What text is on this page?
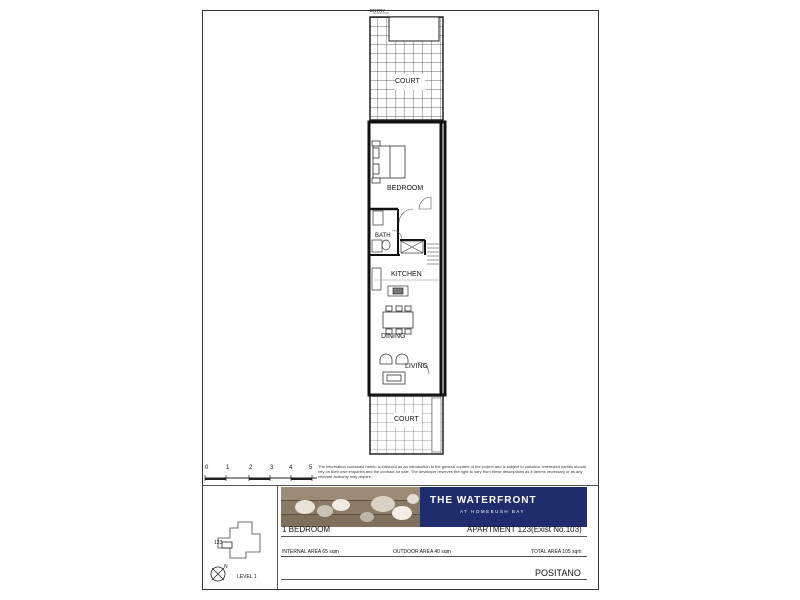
ENTRY
COURT
BEDROOM
BATH
KITCHEN
DINING
LIVING
COURT
0	1	2	3	4	5 The information contained herein is intended as an introduction to the general content of the project and is subject to variation. Interested parties should rely on their own enquiries and the contract for sale. The developer reserves the right to vary from these descriptions as it deems necessary or as any relevant authority may require.
THE WATERFRONT
AT HOMEBUSH BAY
1 BEDROOM	APARTMENT 123(Exist No.103)
INTERNAL AREA 65 sqm	OUTDOOR AREA 40 sqm	TOTAL AREA 105 sqm
POSITANO
123
N
LEVEL 1
